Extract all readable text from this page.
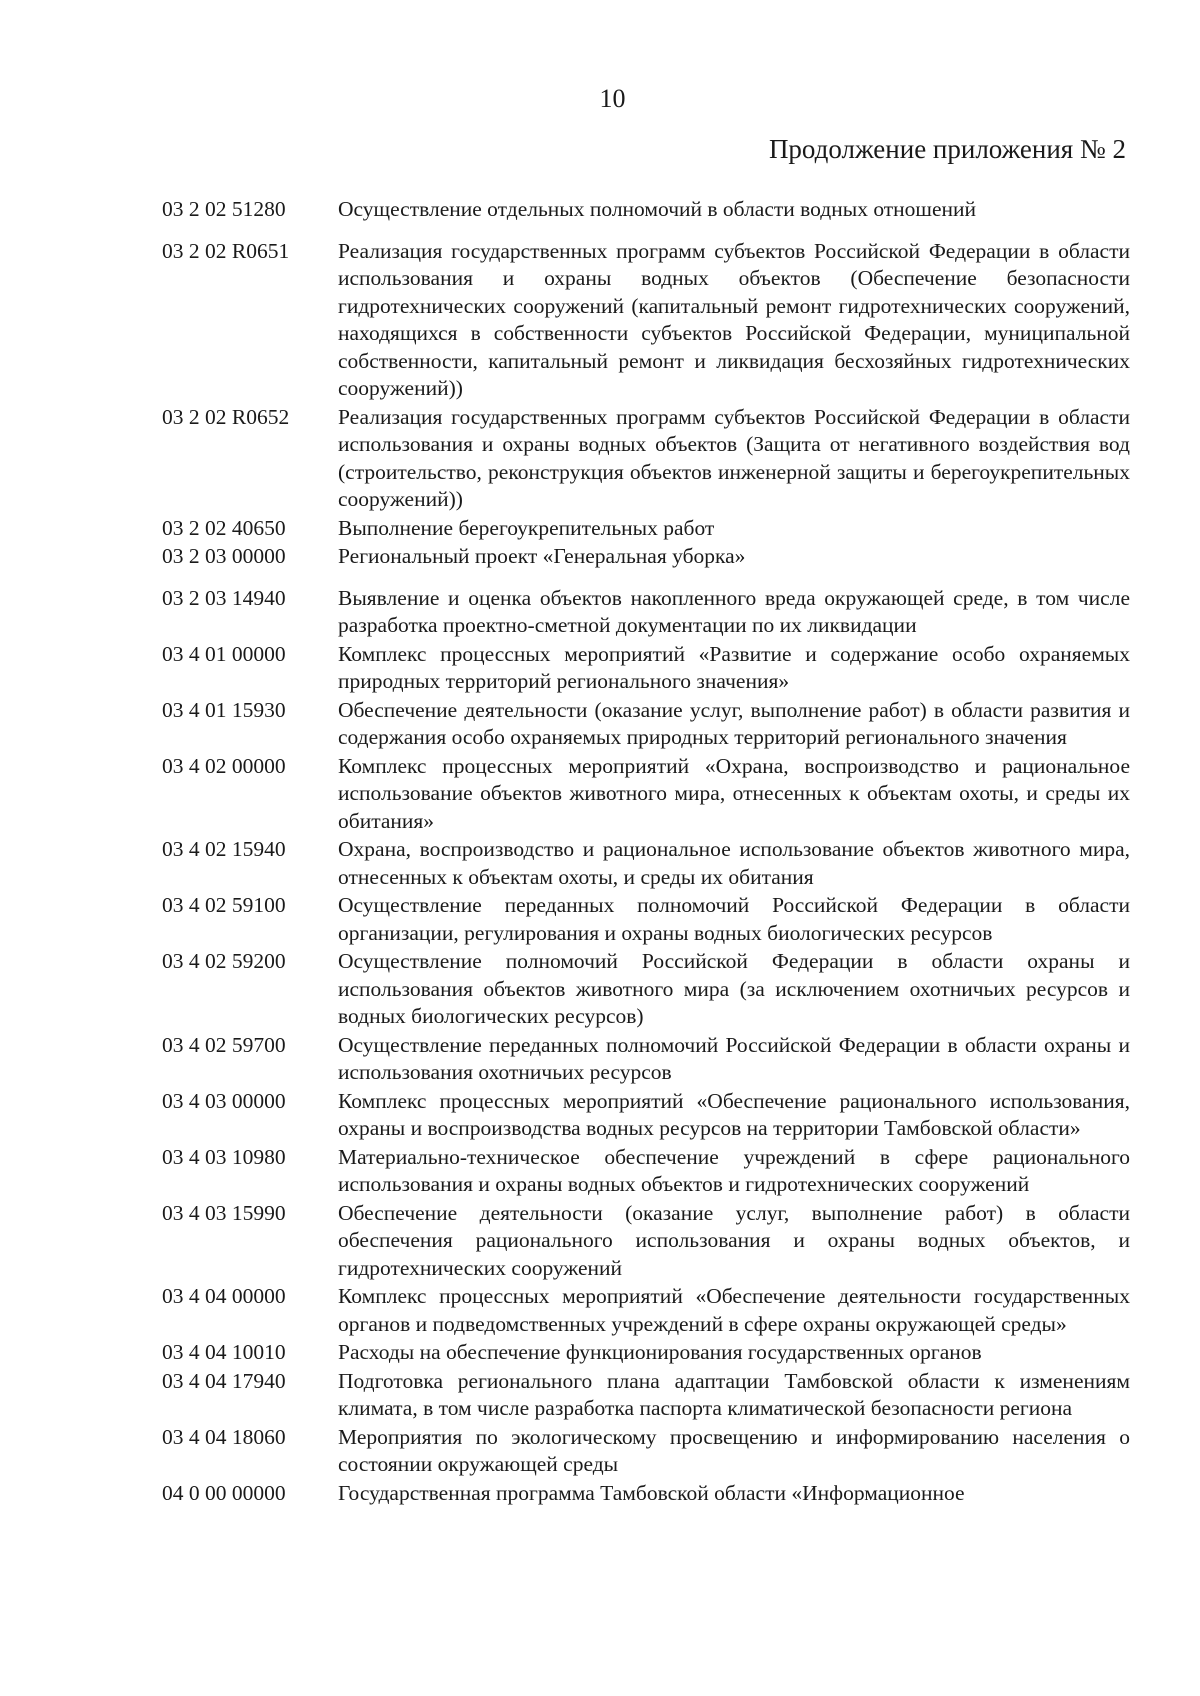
10
Продолжение приложения № 2
03 2 02 51280	Осуществление отдельных полномочий в области водных отношений
03 2 02 R0651	Реализация государственных программ субъектов Российской Федерации в области использования и охраны водных объектов (Обеспечение безопасности гидротехнических сооружений (капитальный ремонт гидротехнических сооружений, находящихся в собственности субъектов Российской Федерации, муниципальной собственности, капитальный ремонт и ликвидация бесхозяйных гидротехнических сооружений))
03 2 02 R0652	Реализация государственных программ субъектов Российской Федерации в области использования и охраны водных объектов (Защита от негативного воздействия вод (строительство, реконструкция объектов инженерной защиты и берегоукрепительных сооружений))
03 2 02 40650	Выполнение берегоукрепительных работ
03 2 03 00000	Региональный проект «Генеральная уборка»
03 2 03 14940	Выявление и оценка объектов накопленного вреда окружающей среде, в том числе разработка проектно-сметной документации по их ликвидации
03 4 01 00000	Комплекс процессных мероприятий «Развитие и содержание особо охраняемых природных территорий регионального значения»
03 4 01 15930	Обеспечение деятельности (оказание услуг, выполнение работ) в области развития и содержания особо охраняемых природных территорий регионального значения
03 4 02 00000	Комплекс процессных мероприятий «Охрана, воспроизводство и рациональное использование объектов животного мира, отнесенных к объектам охоты, и среды их обитания»
03 4 02 15940	Охрана, воспроизводство и рациональное использование объектов животного мира, отнесенных к объектам охоты, и среды их обитания
03 4 02 59100	Осуществление переданных полномочий Российской Федерации в области организации, регулирования и охраны водных биологических ресурсов
03 4 02 59200	Осуществление полномочий Российской Федерации в области охраны и использования объектов животного мира (за исключением охотничьих ресурсов и водных биологических ресурсов)
03 4 02 59700	Осуществление переданных полномочий Российской Федерации в области охраны и использования охотничьих ресурсов
03 4 03 00000	Комплекс процессных мероприятий «Обеспечение рационального использования, охраны и воспроизводства водных ресурсов на территории Тамбовской области»
03 4 03 10980	Материально-техническое обеспечение учреждений в сфере рационального использования и охраны водных объектов и гидротехнических сооружений
03 4 03 15990	Обеспечение деятельности (оказание услуг, выполнение работ) в области обеспечения рационального использования и охраны водных объектов, и гидротехнических сооружений
03 4 04 00000	Комплекс процессных мероприятий «Обеспечение деятельности государственных органов и подведомственных учреждений в сфере охраны окружающей среды»
03 4 04 10010	Расходы на обеспечение функционирования государственных органов
03 4 04 17940	Подготовка регионального плана адаптации Тамбовской области к изменениям климата, в том числе разработка паспорта климатической безопасности региона
03 4 04 18060	Мероприятия по экологическому просвещению и информированию населения о состоянии окружающей среды
04 0 00 00000	Государственная программа Тамбовской области «Информационное
